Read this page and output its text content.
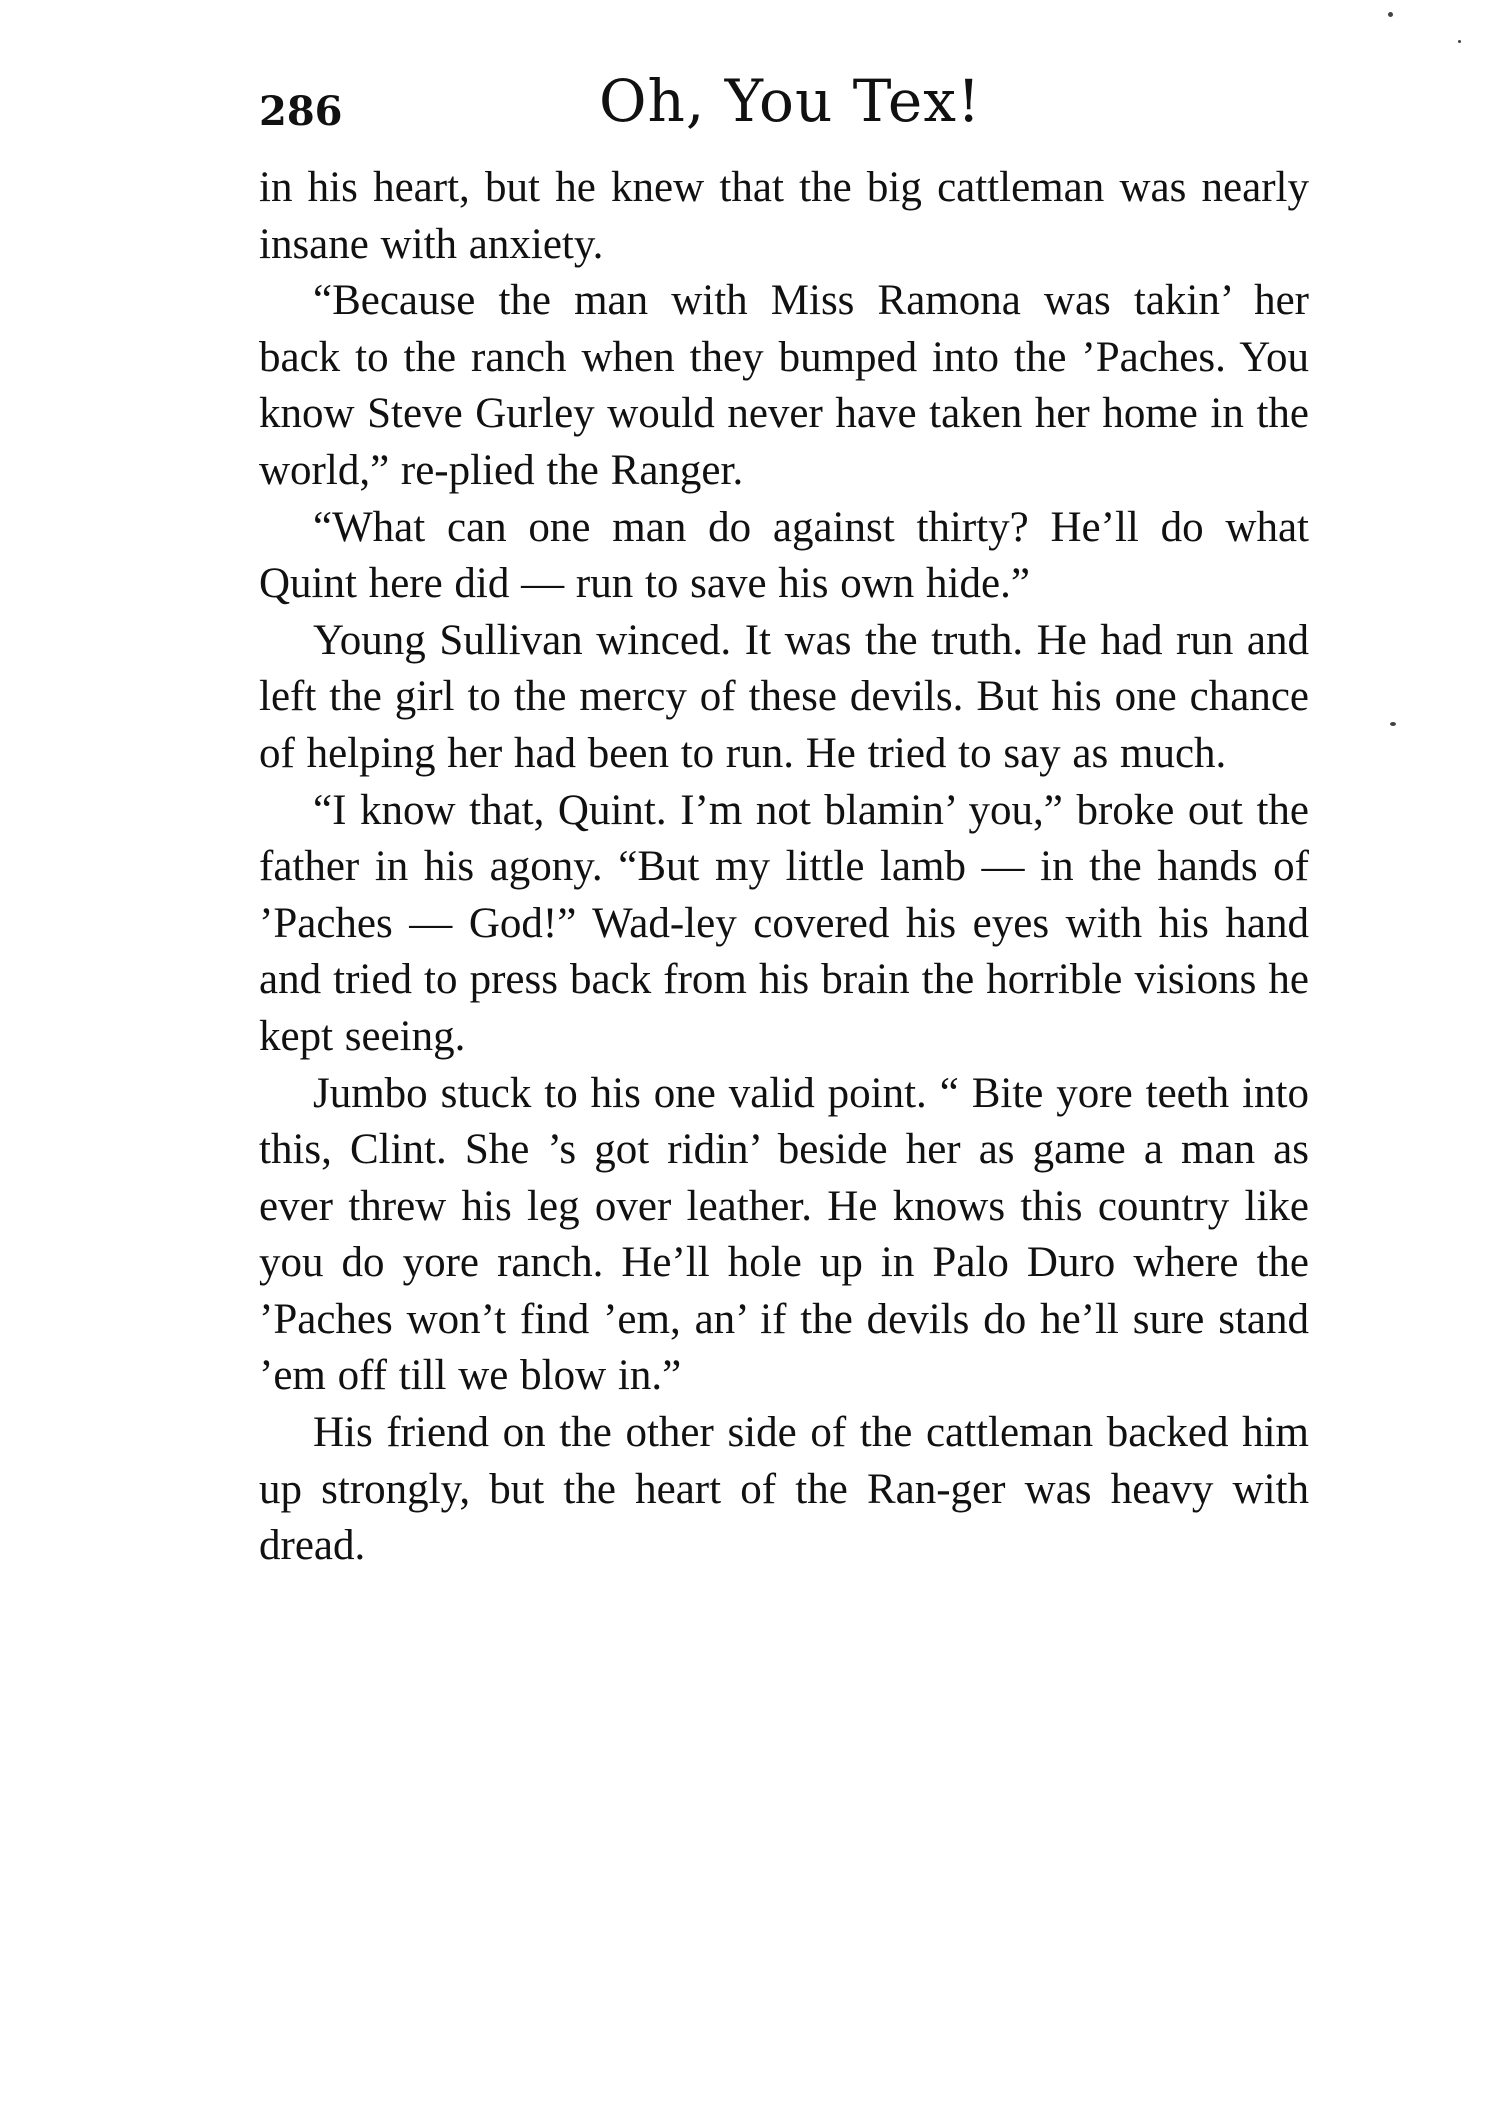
286	Oh, You Tex!

in his heart, but he knew that the big cattleman was nearly insane with anxiety.

“Because the man with Miss Ramona was takin’ her back to the ranch when they bumped into the ’Paches. You know Steve Gurley would never have taken her home in the world,” re-plied the Ranger.

“What can one man do against thirty? He’ll do what Quint here did — run to save his own hide.”

Young Sullivan winced. It was the truth. He had run and left the girl to the mercy of these devils. But his one chance of helping her had been to run. He tried to say as much.

“I know that, Quint. I’m not blamin’ you,” broke out the father in his agony. “But my little lamb — in the hands of ’Paches — God!” Wad-ley covered his eyes with his hand and tried to press back from his brain the horrible visions he kept seeing.

Jumbo stuck to his one valid point. “ Bite yore teeth into this, Clint. She ’s got ridin’ beside her as game a man as ever threw his leg over leather. He knows this country like you do yore ranch. He’ll hole up in Palo Duro where the ’Paches won’t find ’em, an’ if the devils do he’ll sure stand ’em off till we blow in.”

His friend on the other side of the cattleman backed him up strongly, but the heart of the Ran-ger was heavy with dread.
